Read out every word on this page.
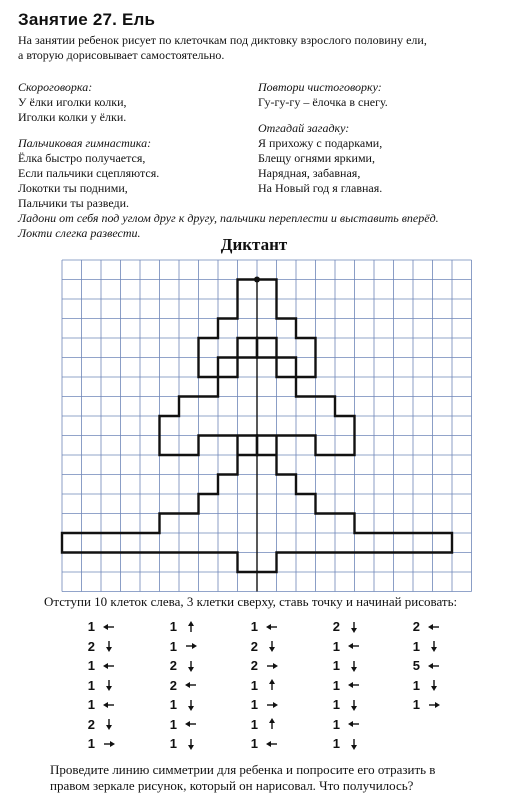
Занятие 27. Ель
На занятии ребенок рисует по клеточкам под диктовку взрослого половину ели,
а вторую дорисовывает самостоятельно.
Скороговорка:
У ёлки иголки колки,
Иголки колки у ёлки.
Повтори чистоговорку:
Гу-гу-гу – ёлочка в снегу.
Пальчиковая гимнастика:
Ёлка быстро получается,
Если пальчики сцепляются.
Локотки ты подними,
Пальчики ты разведи.
Ладони от себя под углом друг к другу, пальчики переплести и выставить вперёд.
Локти слегка развести.
Отгадай загадку:
Я прихожу с подарками,
Блещу огнями яркими,
Нарядная, забавная,
На Новый год я главная.
Диктант
Отступи 10 клеток слева, 3 клетки сверху, ставь точку и начинай рисовать:
1
2
1
1
1
2
1
1
1
2
2
1
1
1
1
2
2
1
1
1
1
2
1
1
1
1
1
1
2
1
5
1
1
Проведите линию симметрии для ребенка и попросите его отразить в
правом зеркале рисунок, который он нарисовал. Что получилось?
